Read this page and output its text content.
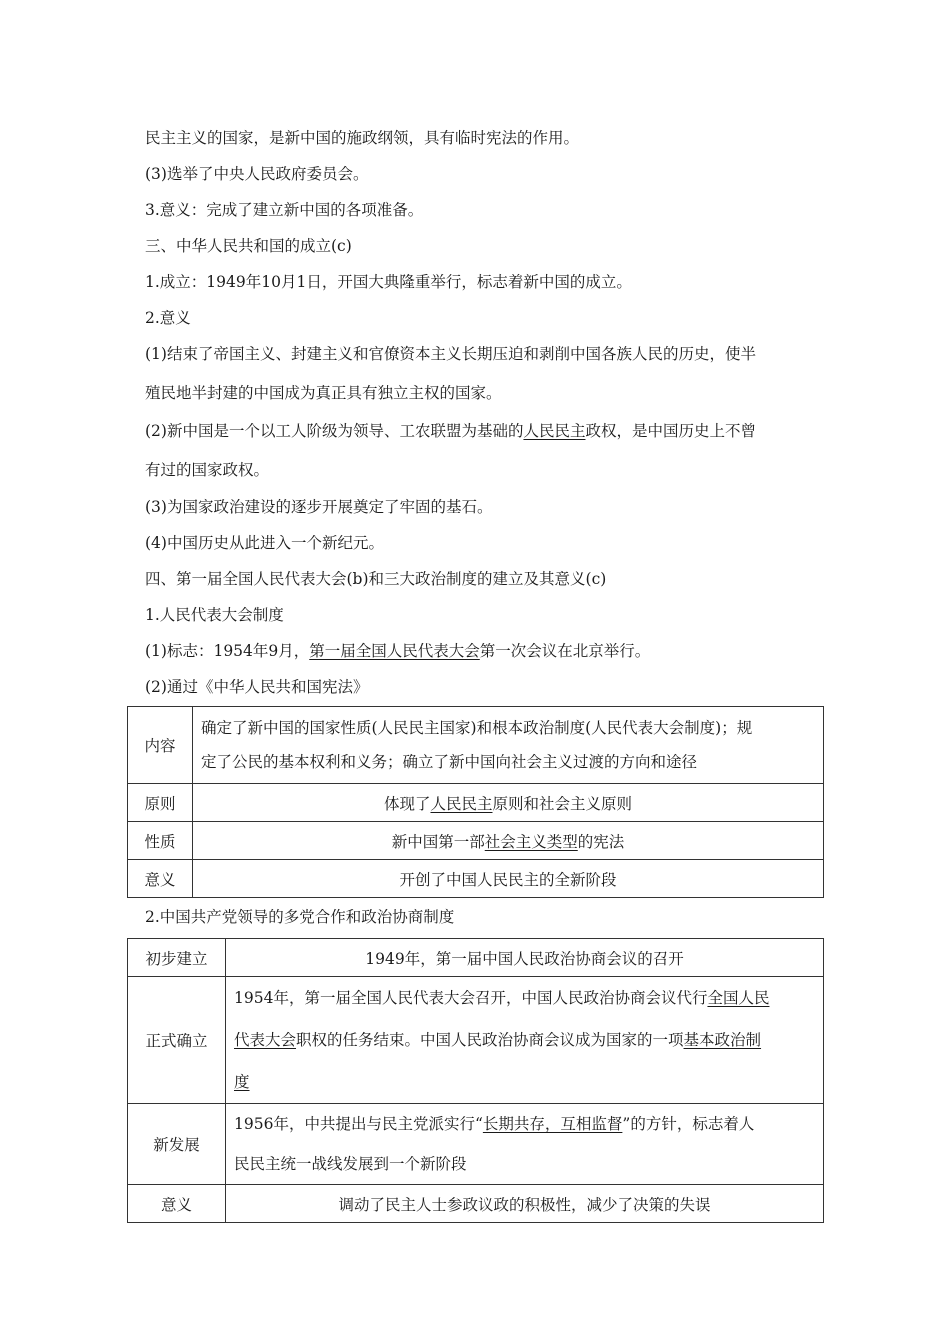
民主主义的国家，是新中国的施政纲领，具有临时宪法的作用。
(3)选举了中央人民政府委员会。
3.意义：完成了建立新中国的各项准备。
三、中华人民共和国的成立(c)
1.成立：1949年10月1日，开国大典隆重举行，标志着新中国的成立。
2.意义
(1)结束了帝国主义、封建主义和官僚资本主义长期压迫和剥削中国各族人民的历史，使半
殖民地半封建的中国成为真正具有独立主权的国家。
(2)新中国是一个以工人阶级为领导、工农联盟为基础的人民民主政权，是中国历史上不曾
有过的国家政权。
(3)为国家政治建设的逐步开展奠定了牢固的基石。
(4)中国历史从此进入一个新纪元。
四、第一届全国人民代表大会(b)和三大政治制度的建立及其意义(c)
1.人民代表大会制度
(1)标志：1954年9月，第一届全国人民代表大会第一次会议在北京举行。
(2)通过《中华人民共和国宪法》
内容	确定了新中国的国家性质(人民民主国家)和根本政治制度(人民代表大会制度)；规
定了公民的基本权利和义务；确立了新中国向社会主义过渡的方向和途径

原则	体现了人民民主原则和社会主义原则
性质	新中国第一部社会主义类型的宪法
意义	开创了中国人民民主的全新阶段
2.中国共产党领导的多党合作和政治协商制度
初步建立	1949年，第一届中国人民政治协商会议的召开
正式确立	1954年，第一届全国人民代表大会召开，中国人民政治协商会议代行全国人民
代表大会职权的任务结束。中国人民政治协商会议成为国家的一项基本政治制
度

新发展	1956年，中共提出与民主党派实行“长期共存，互相监督”的方针，标志着人
民民主统一战线发展到一个新阶段

意义	调动了民主人士参政议政的积极性，减少了决策的失误
